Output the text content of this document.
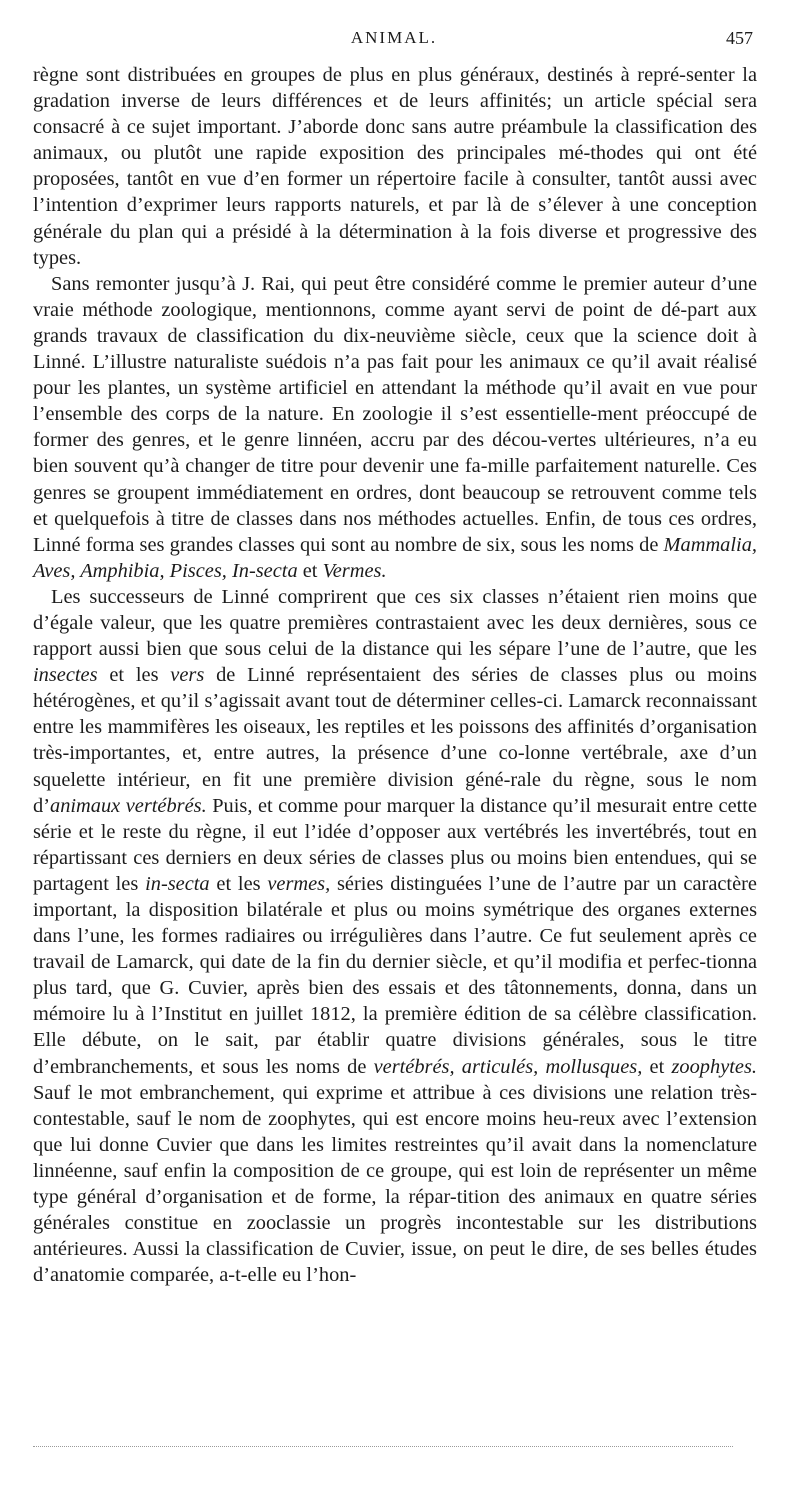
ANIMAL.	457

règne sont distribuées en groupes de plus en plus généraux, destinés à repré-senter la gradation inverse de leurs différences et de leurs affinités; un article spécial sera consacré à ce sujet important. J’aborde donc sans autre préambule la classification des animaux, ou plutôt une rapide exposition des principales mé-thodes qui ont été proposées, tantôt en vue d’en former un répertoire facile à consulter, tantôt aussi avec l’intention d’exprimer leurs rapports naturels, et par là de s’élever à une conception générale du plan qui a présidé à la détermination à la fois diverse et progressive des types.

Sans remonter jusqu’à J. Rai, qui peut être considéré comme le premier auteur d’une vraie méthode zoologique, mentionnons, comme ayant servi de point de dé-part aux grands travaux de classification du dix-neuvième siècle, ceux que la science doit à Linné. L’illustre naturaliste suédois n’a pas fait pour les animaux ce qu’il avait réalisé pour les plantes, un système artificiel en attendant la méthode qu’il avait en vue pour l’ensemble des corps de la nature. En zoologie il s’est essentielle-ment préoccupé de former des genres, et le genre linnéen, accru par des décou-vertes ultérieures, n’a eu bien souvent qu’à changer de titre pour devenir une fa-mille parfaitement naturelle. Ces genres se groupent immédiatement en ordres, dont beaucoup se retrouvent comme tels et quelquefois à titre de classes dans nos méthodes actuelles. Enfin, de tous ces ordres, Linné forma ses grandes classes qui sont au nombre de six, sous les noms de Mammalia, Aves, Amphibia, Pisces, In-secta et Vermes.

Les successeurs de Linné comprirent que ces six classes n’étaient rien moins que d’égale valeur, que les quatre premières contrastaient avec les deux dernières, sous ce rapport aussi bien que sous celui de la distance qui les sépare l’une de l’autre, que les insectes et les vers de Linné représentaient des séries de classes plus ou moins hétérogènes, et qu’il s’agissait avant tout de déterminer celles-ci. Lamarck reconnaissant entre les mammifères les oiseaux, les reptiles et les poissons des affinités d’organisation très-importantes, et, entre autres, la présence d’une co-lonne vertébrale, axe d’un squelette intérieur, en fit une première division géné-rale du règne, sous le nom d’animaux vertébrés. Puis, et comme pour marquer la distance qu’il mesurait entre cette série et le reste du règne, il eut l’idée d’opposer aux vertébrés les invertébrés, tout en répartissant ces derniers en deux séries de classes plus ou moins bien entendues, qui se partagent les in-secta et les vermes, séries distinguées l’une de l’autre par un caractère important, la disposition bilatérale et plus ou moins symétrique des organes externes dans l’une, les formes radiaires ou irrégulières dans l’autre. Ce fut seulement après ce travail de Lamarck, qui date de la fin du dernier siècle, et qu’il modifia et perfec-tionna plus tard, que G. Cuvier, après bien des essais et des tâtonnements, donna, dans un mémoire lu à l’Institut en juillet 1812, la première édition de sa célèbre classification. Elle débute, on le sait, par établir quatre divisions générales, sous le titre d’embranchements, et sous les noms de vertébrés, articulés, mollusques, et zoophytes. Sauf le mot embranchement, qui exprime et attribue à ces divisions une relation très-contestable, sauf le nom de zoophytes, qui est encore moins heu-reux avec l’extension que lui donne Cuvier que dans les limites restreintes qu’il avait dans la nomenclature linnéenne, sauf enfin la composition de ce groupe, qui est loin de représenter un même type général d’organisation et de forme, la répar-tition des animaux en quatre séries générales constitue en zooclassie un progrès incontestable sur les distributions antérieures. Aussi la classification de Cuvier, issue, on peut le dire, de ses belles études d’anatomie comparée, a-t-elle eu l’hon-
